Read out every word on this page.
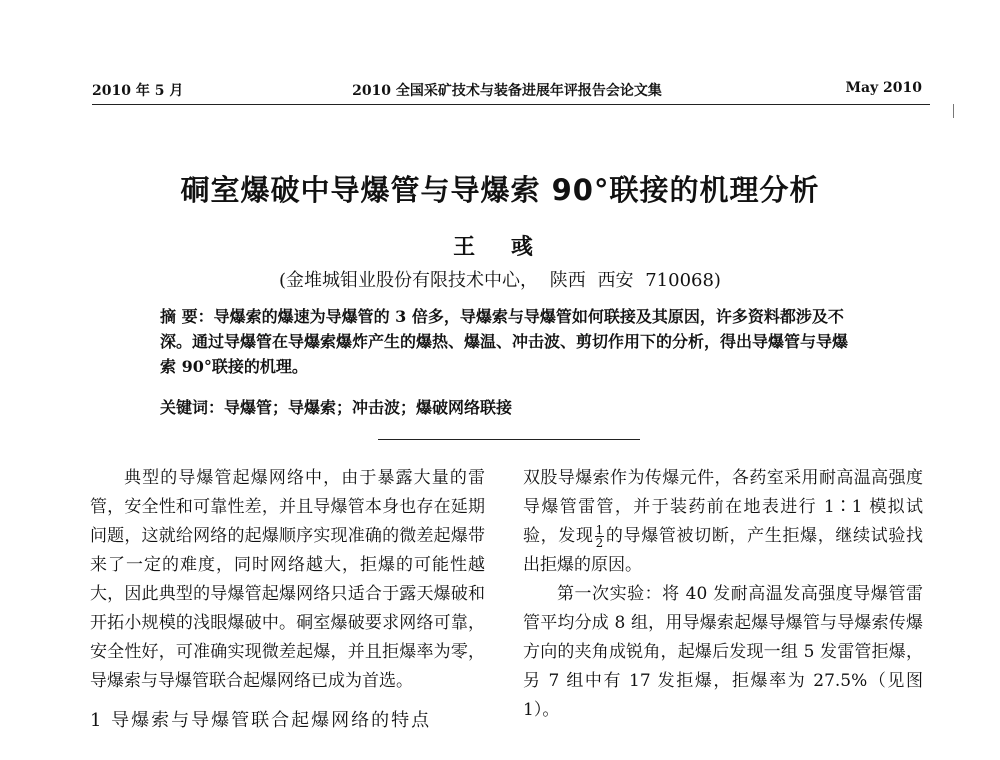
2010 年 5 月	2010 全国采矿技术与装备进展年评报告会论文集	May 2010
硐室爆破中导爆管与导爆索 90°联接的机理分析
王 彧
(金堆城钼业股份有限技术中心， 陕西 西安 710068)
摘 要：导爆索的爆速为导爆管的 3 倍多，导爆索与导爆管如何联接及其原因，许多资料都涉及不深。通过导爆管在导爆索爆炸产生的爆热、爆温、冲击波、剪切作用下的分析，得出导爆管与导爆索 90°联接的机理。
关键词：导爆管；导爆索；冲击波；爆破网络联接

典型的导爆管起爆网络中，由于暴露大量的雷管，安全性和可靠性差，并且导爆管本身也存在延期问题，这就给网络的起爆顺序实现准确的微差起爆带来了一定的难度，同时网络越大，拒爆的可能性越大，因此典型的导爆管起爆网络只适合于露天爆破和开拓小规模的浅眼爆破中。硐室爆破要求网络可靠，安全性好，可准确实现微差起爆，并且拒爆率为零，导爆索与导爆管联合起爆网络已成为首选。

1 导爆索与导爆管联合起爆网络的特点

双股导爆索作为传爆元件，各药室采用耐高温高强度导爆管雷管，并于装药前在地表进行 1∶1 模拟试验，发现 $\frac{1}{2}$ 的导爆管被切断，产生拒爆，继续试验找出拒爆的原因。

第一次实验：将 40 发耐高温发高强度导爆管雷管平均分成 8 组，用导爆索起爆导爆管与导爆索传爆方向的夹角成锐角，起爆后发现一组 5 发雷管拒爆，另 7 组中有 17 发拒爆，拒爆率为 27.5%（见图 1）。
